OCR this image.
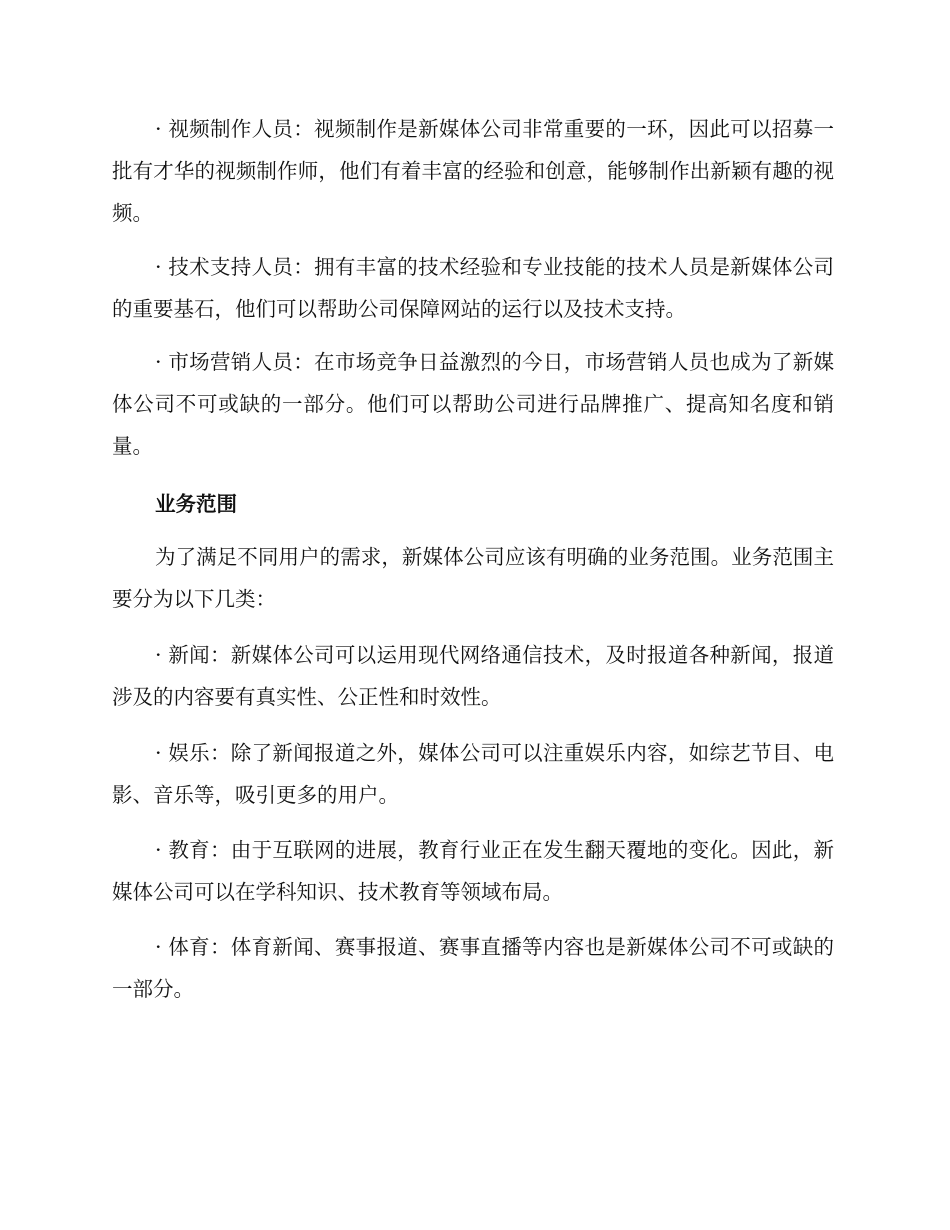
· 视频制作人员：视频制作是新媒体公司非常重要的一环，因此可以招募一批有才华的视频制作师，他们有着丰富的经验和创意，能够制作出新颖有趣的视频。

· 技术支持人员：拥有丰富的技术经验和专业技能的技术人员是新媒体公司的重要基石，他们可以帮助公司保障网站的运行以及技术支持。

· 市场营销人员：在市场竞争日益激烈的今日，市场营销人员也成为了新媒体公司不可或缺的一部分。他们可以帮助公司进行品牌推广、提高知名度和销量。

业务范围

为了满足不同用户的需求，新媒体公司应该有明确的业务范围。业务范围主要分为以下几类：

· 新闻：新媒体公司可以运用现代网络通信技术，及时报道各种新闻，报道涉及的内容要有真实性、公正性和时效性。

· 娱乐：除了新闻报道之外，媒体公司可以注重娱乐内容，如综艺节目、电影、音乐等，吸引更多的用户。

· 教育：由于互联网的进展，教育行业正在发生翻天覆地的变化。因此，新媒体公司可以在学科知识、技术教育等领域布局。

· 体育：体育新闻、赛事报道、赛事直播等内容也是新媒体公司不可或缺的一部分。
